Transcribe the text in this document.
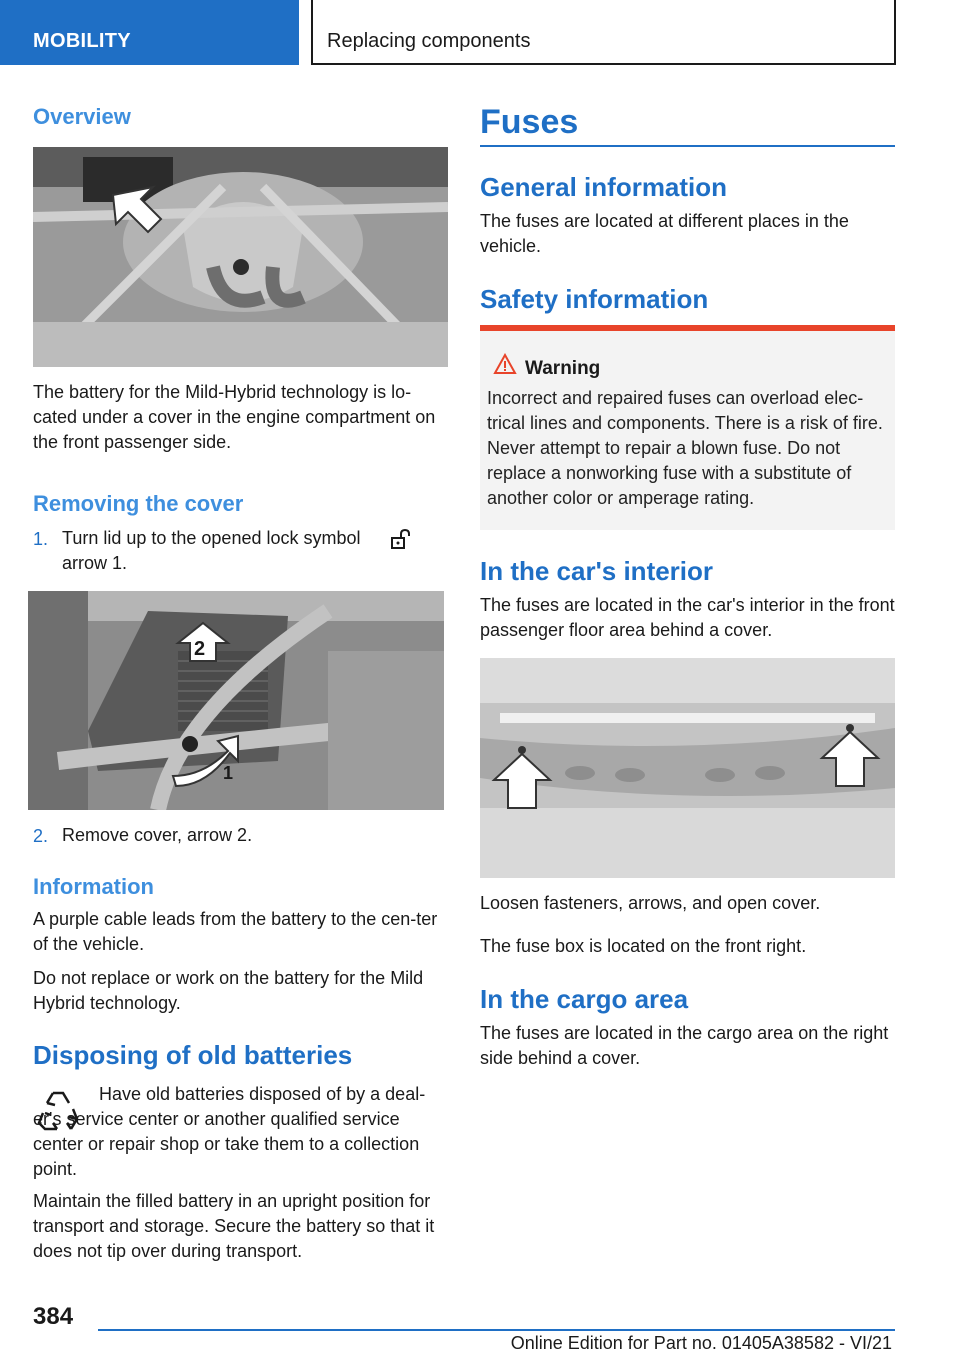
MOBILITY	Replacing components
Overview
The battery for the Mild-Hybrid technology is lo-cated under a cover in the engine compartment on the front passenger side.
Removing the cover
1. Turn lid up to the opened lock symbol
arrow 1.
2
1
2. Remove cover, arrow 2.
Information
A purple cable leads from the battery to the cen-ter of the vehicle.
Do not replace or work on the battery for the Mild Hybrid technology.
Disposing of old batteries
Have old batteries disposed of by a deal-er's service center or another qualified service center or repair shop or take them to a collection point.
Maintain the filled battery in an upright position for transport and storage. Secure the battery so that it does not tip over during transport.
Fuses
General information
The fuses are located at different places in the vehicle.
Safety information
Warning
Incorrect and repaired fuses can overload elec-trical lines and components. There is a risk of fire. Never attempt to repair a blown fuse. Do not replace a nonworking fuse with a substitute of another color or amperage rating.
In the car's interior
The fuses are located in the car's interior in the front passenger floor area behind a cover.
Loosen fasteners, arrows, and open cover.
The fuse box is located on the front right.
In the cargo area
The fuses are located in the cargo area on the right side behind a cover.
384
Online Edition for Part no. 01405A38582 - VI/21
